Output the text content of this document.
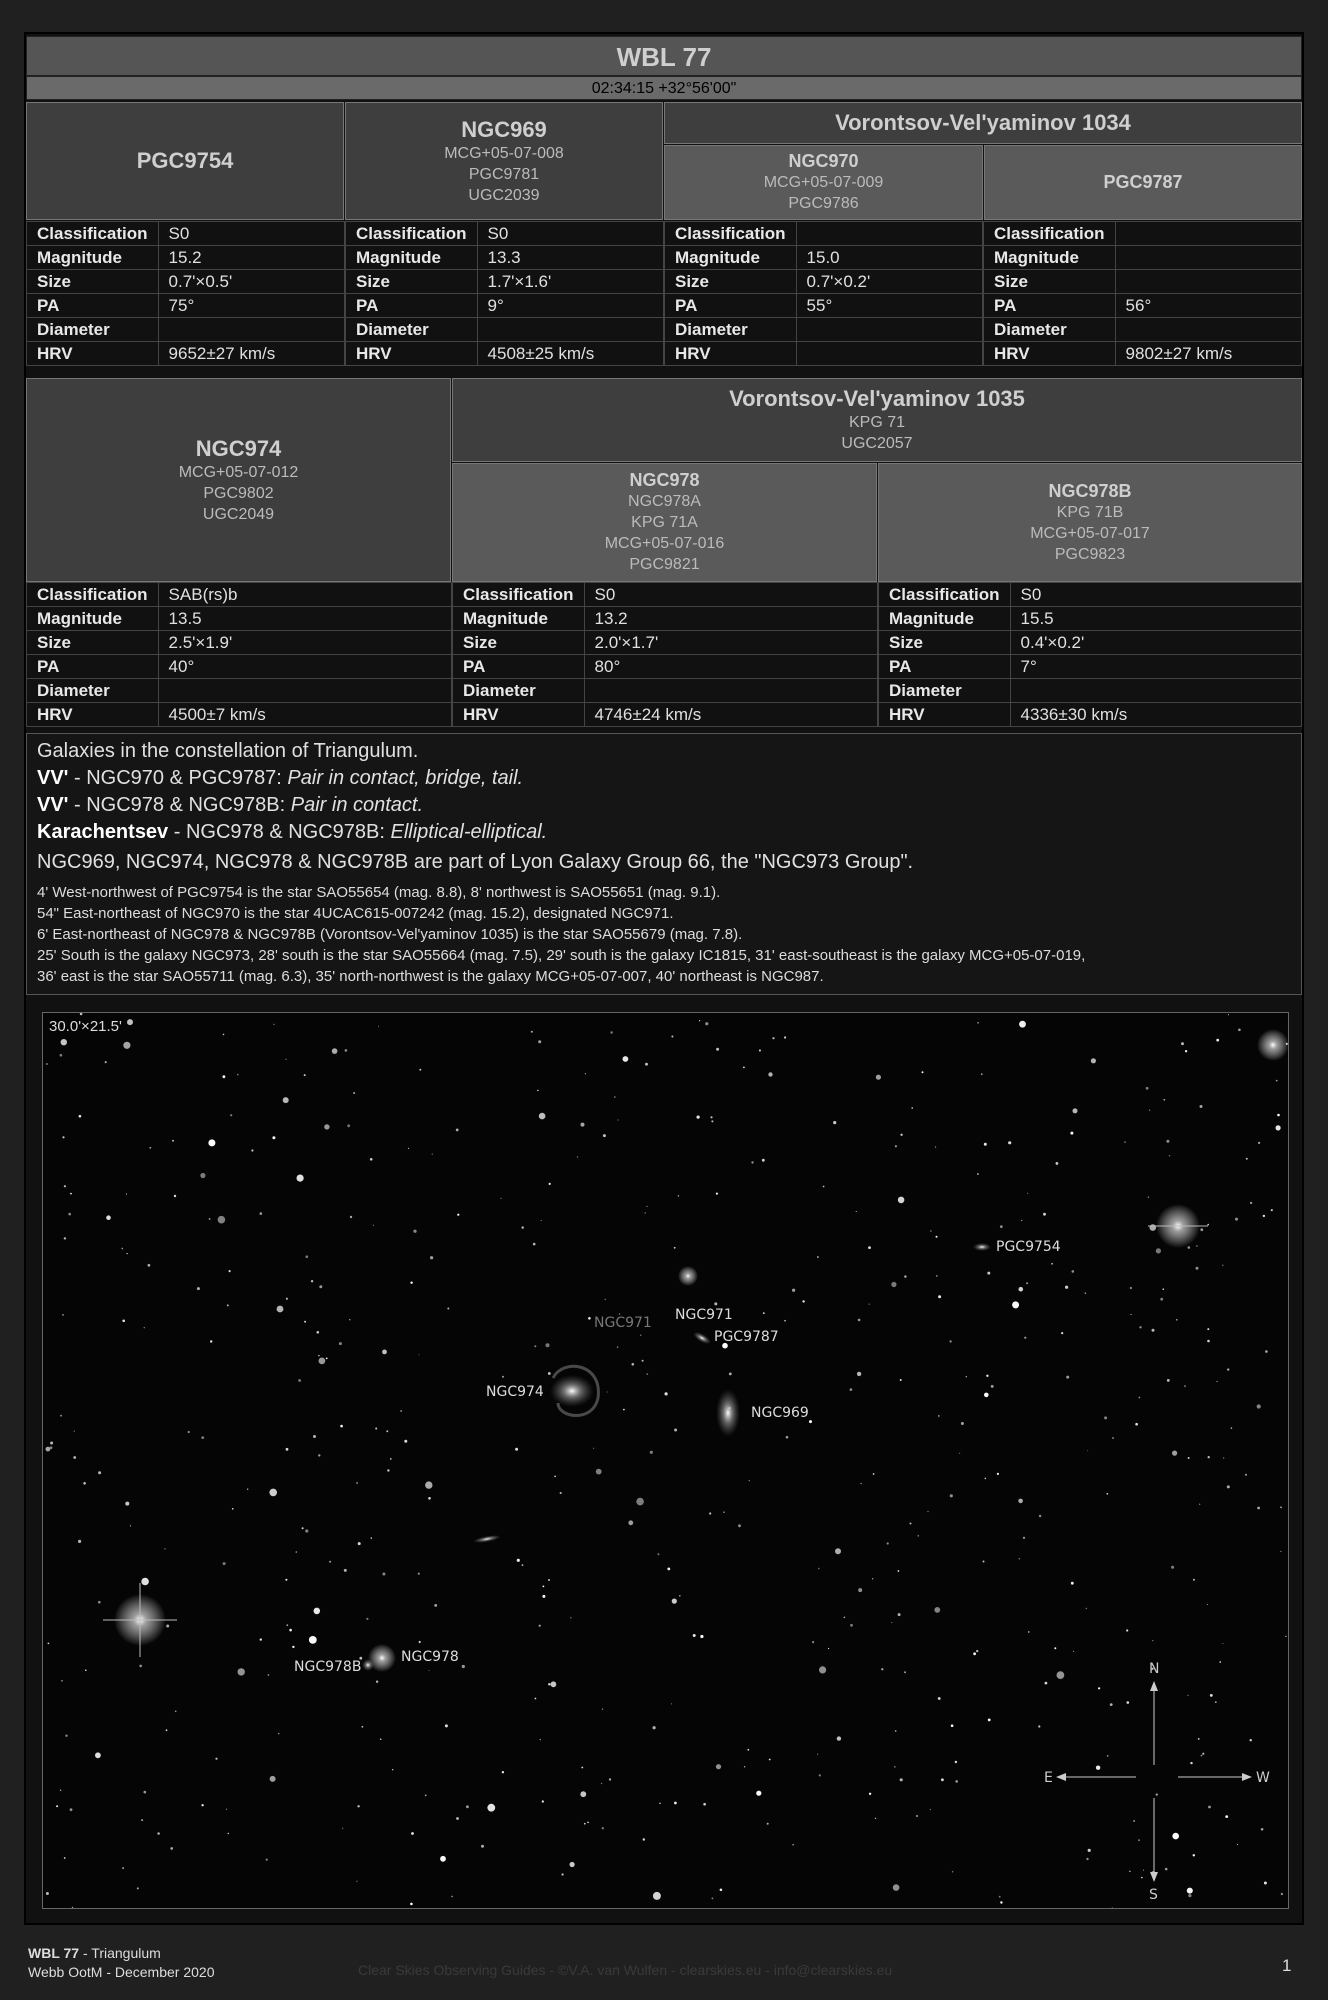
WBL 77
02:34:15 +32°56'00"
PGC9754
NGC969
MCG+05-07-008
PGC9781
UGC2039
Vorontsov-Vel'yaminov 1034
NGC970
MCG+05-07-009
PGC9786
PGC9787
Classification	S0
Magnitude	15.2
Size	0.7'×0.5'
PA	75°
Diameter	
HRV	9652±27 km/s
Classification	S0
Magnitude	13.3
Size	1.7'×1.6'
PA	9°
Diameter	
HRV	4508±25 km/s
Classification	
Magnitude	15.0
Size	0.7'×0.2'
PA	55°
Diameter	
HRV	
Classification	
Magnitude	
Size	
PA	56°
Diameter	
HRV	9802±27 km/s
NGC974
MCG+05-07-012
PGC9802
UGC2049
Vorontsov-Vel'yaminov 1035
KPG 71
UGC2057
NGC978
NGC978A
KPG 71A
MCG+05-07-016
PGC9821
NGC978B
KPG 71B
MCG+05-07-017
PGC9823
Classification	SAB(rs)b
Magnitude	13.5
Size	2.5'×1.9'
PA	40°
Diameter	
HRV	4500±7 km/s
Classification	S0
Magnitude	13.2
Size	2.0'×1.7'
PA	80°
Diameter	
HRV	4746±24 km/s
Classification	S0
Magnitude	15.5
Size	0.4'×0.2'
PA	7°
Diameter	
HRV	4336±30 km/s
Galaxies in the constellation of Triangulum.
VV' - NGC970 & PGC9787: Pair in contact, bridge, tail.
VV' - NGC978 & NGC978B: Pair in contact.
Karachentsev - NGC978 & NGC978B: Elliptical-elliptical.
NGC969, NGC974, NGC978 & NGC978B are part of Lyon Galaxy Group 66, the "NGC973 Group".
4' West-northwest of PGC9754 is the star SAO55654 (mag. 8.8), 8' northwest is SAO55651 (mag. 9.1).
54" East-northeast of NGC970 is the star 4UCAC615-007242 (mag. 15.2), designated NGC971.
6' East-northeast of NGC978 & NGC978B (Vorontsov-Vel'yaminov 1035) is the star SAO55679 (mag. 7.8).
25' South is the galaxy NGC973, 28' south is the star SAO55664 (mag. 7.5), 29' south is the galaxy IC1815, 31' east-southeast is the galaxy MCG+05-07-019,
36' east is the star SAO55711 (mag. 6.3), 35' north-northwest is the galaxy MCG+05-07-007, 40' northeast is NGC987.
30.0'×21.5'
PGC9754
NGC971 NGC971
PGC9787
NGC974
NGC969
NGC978B
NGC978
N
S
E	W
WBL 77 - Triangulum
Webb OotM - December 2020	Clear Skies Observing Guides - ©V.A. van Wulfen - clearskies.eu - info@clearskies.eu	1
